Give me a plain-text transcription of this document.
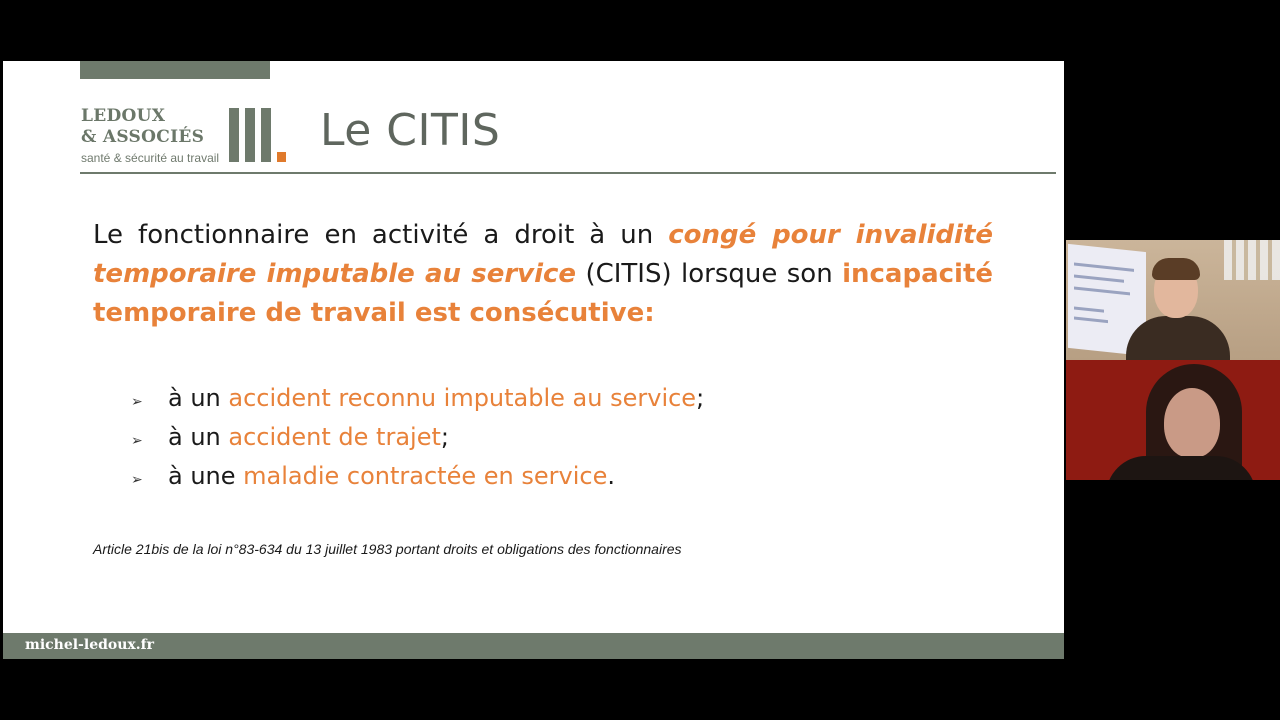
LEDOUX
& ASSOCIÉS
santé & sécurité au travail
Le CITIS

Le fonctionnaire en activité a droit à un congé pour invalidité temporaire imputable au service (CITIS) lorsque son incapacité temporaire de travail est consécutive:

➢ à un accident reconnu imputable au service;
➢ à un accident de trajet;
➢ à une maladie contractée en service.

Article 21bis de la loi n°83-634 du 13 juillet 1983 portant droits et obligations des fonctionnaires

michel-ledoux.fr
